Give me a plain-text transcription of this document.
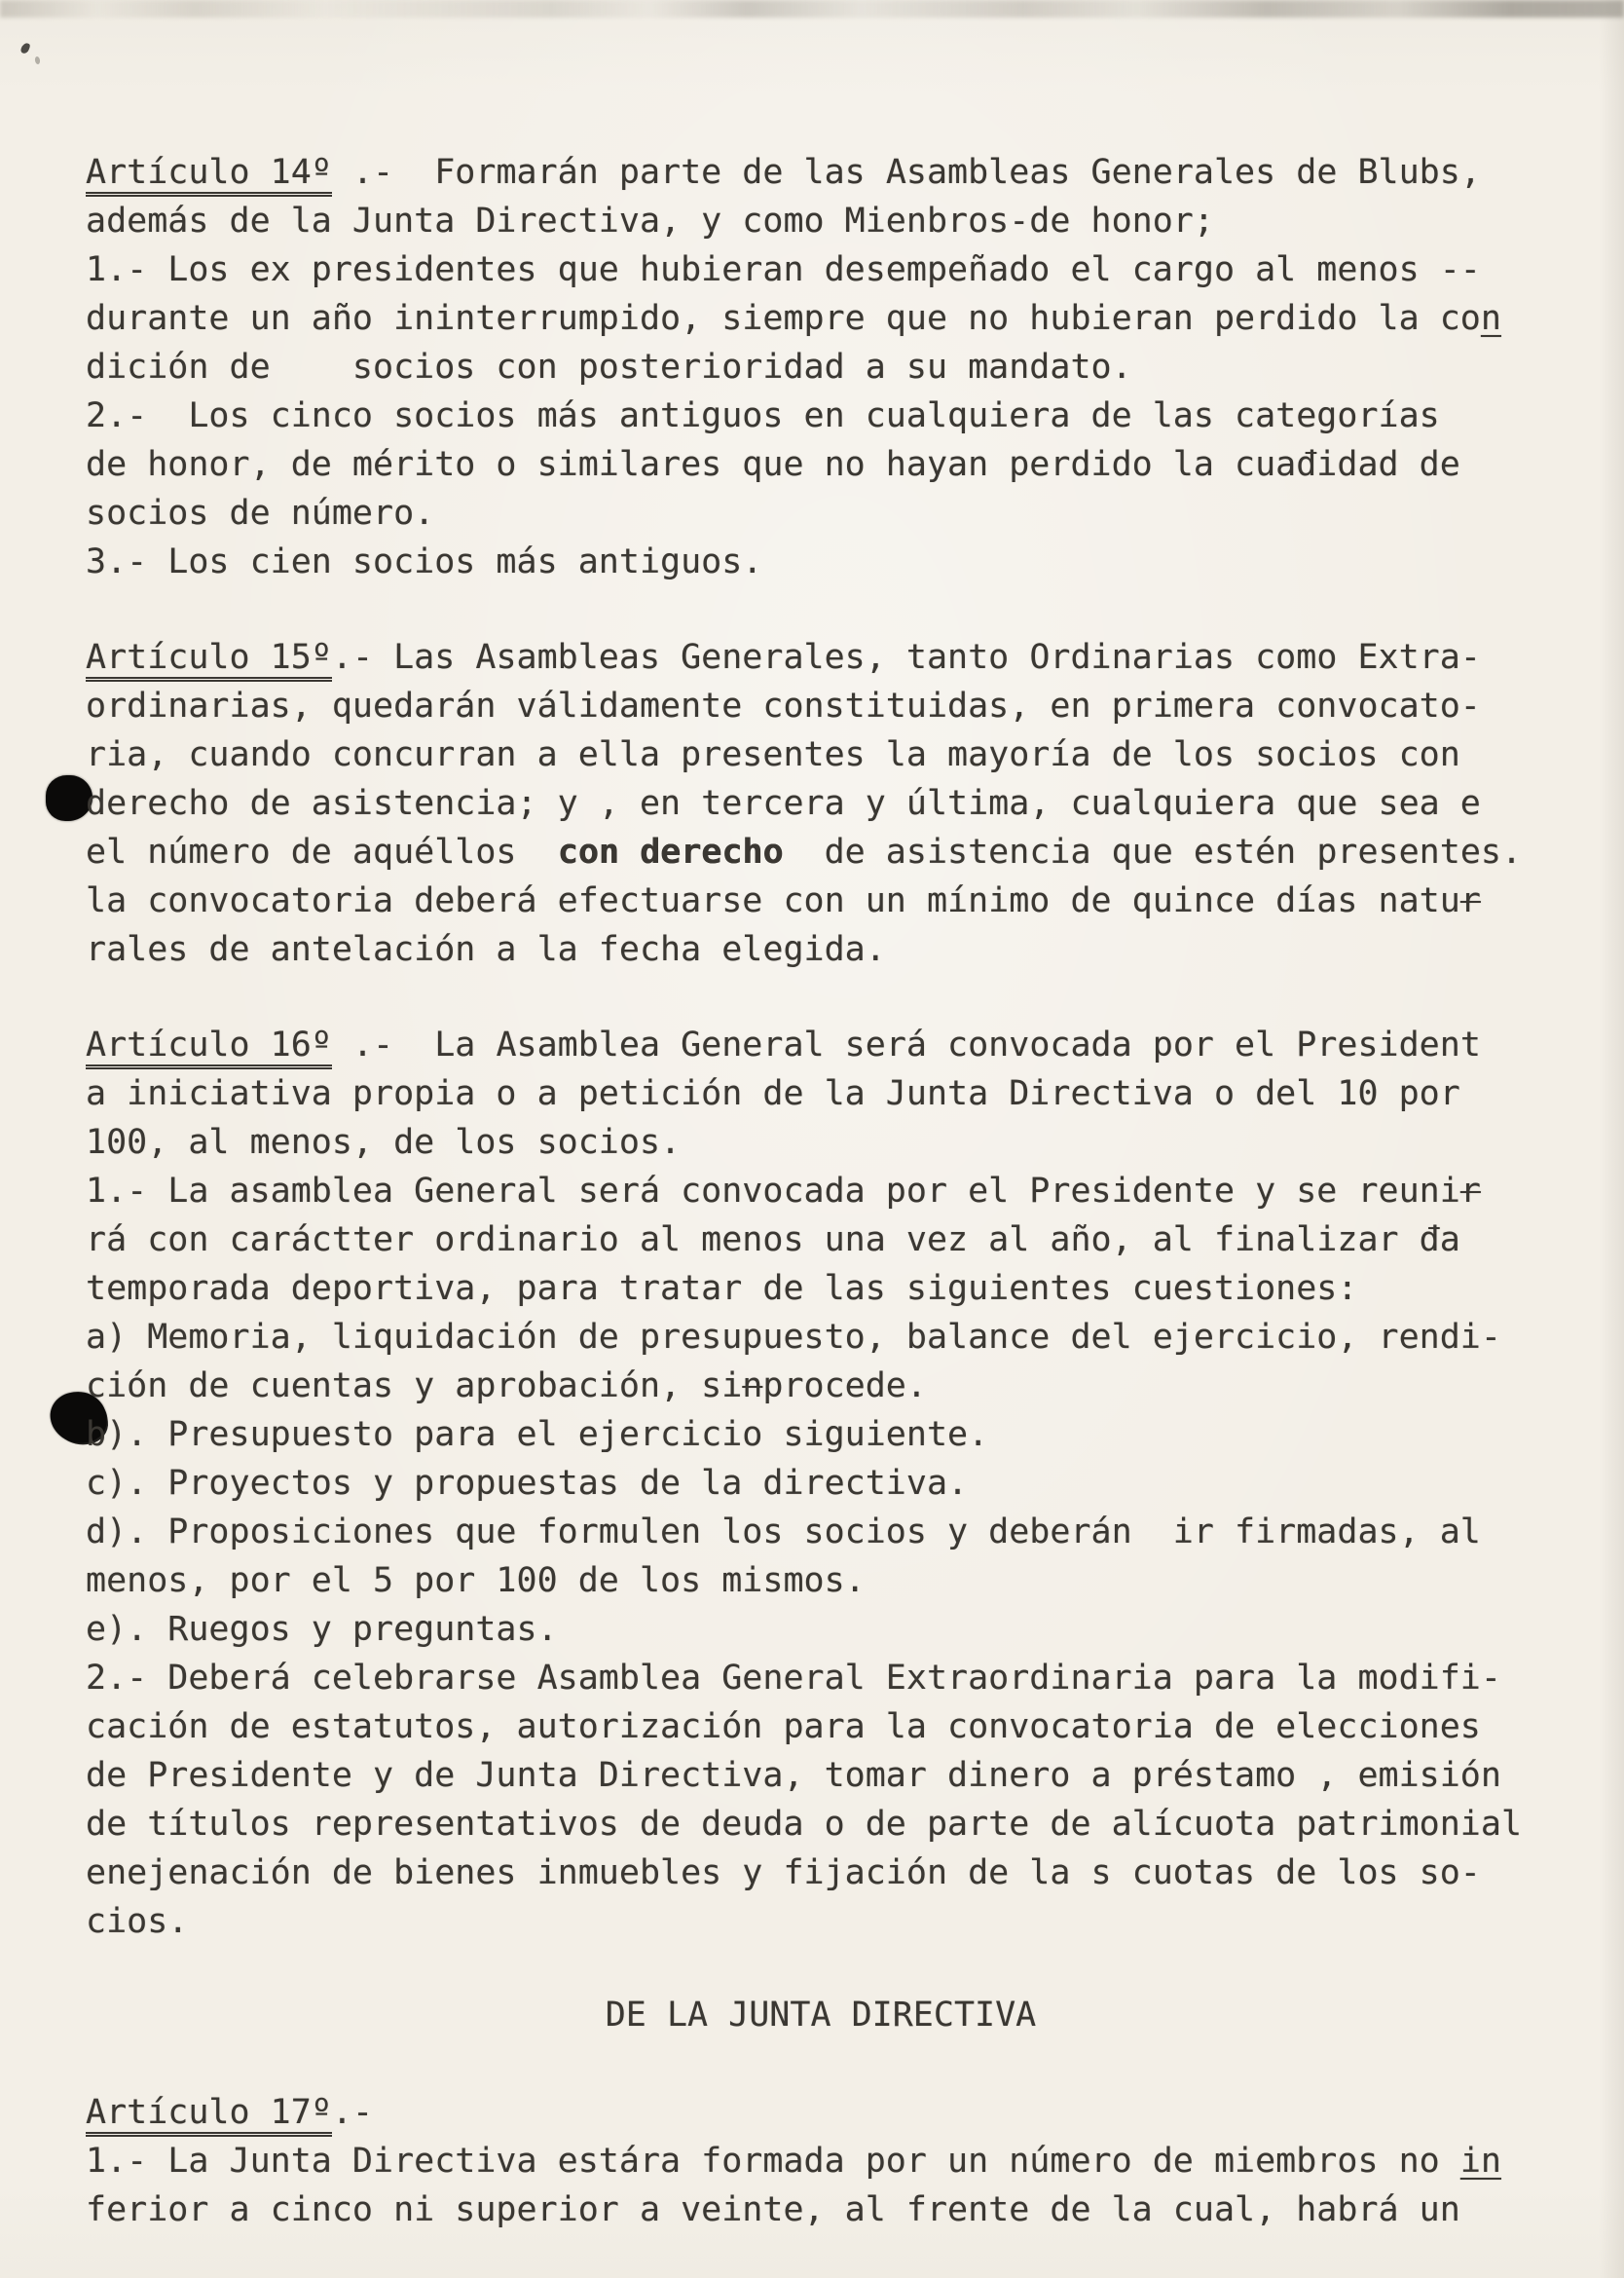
Artículo 14º .-  Formarán parte de las Asambleas Generales de Blubs,
además de la Junta Directiva, y como Mienbros-de honor;
1.- Los ex presidentes que hubieran desempeñado el cargo al menos --
durante un año ininterrumpido, siempre que no hubieran perdido la con
dición de    socios con posterioridad a su mandato.
2.-  Los cinco socios más antiguos en cualquiera de las categorías
de honor, de mérito o similares que no hayan perdido la cuađidad de
socios de número.
3.- Los cien socios más antiguos.
Artículo 15º.- Las Asambleas Generales, tanto Ordinarias como Extra-
ordinarias, quedarán válidamente constituidas, en primera convocato-
ria, cuando concurran a ella presentes la mayoría de los socios con
derecho de asistencia; y , en tercera y última, cualquiera que sea e
el número de aquéllos  con derecho  de asistencia que estén presentes.
la convocatoria deberá efectuarse con un mínimo de quince días natur
rales de antelación a la fecha elegida.
Artículo 16º .-  La Asamblea General será convocada por el President
a iniciativa propia o a petición de la Junta Directiva o del 10 por
100, al menos, de los socios.
1.- La asamblea General será convocada por el Presidente y se reunir
rá con caráctter ordinario al menos una vez al año, al finalizar đa
temporada deportiva, para tratar de las siguientes cuestiones:
a) Memoria, liquidación de presupuesto, balance del ejercicio, rendi-
ción de cuentas y aprobación, sinprocede.
b). Presupuesto para el ejercicio siguiente.
c). Proyectos y propuestas de la directiva.
d). Proposiciones que formulen los socios y deberán  ir firmadas, al
menos, por el 5 por 100 de los mismos.
e). Ruegos y preguntas.
2.- Deberá celebrarse Asamblea General Extraordinaria para la modifi-
cación de estatutos, autorización para la convocatoria de elecciones
de Presidente y de Junta Directiva, tomar dinero a préstamo , emisión
de títulos representativos de deuda o de parte de alícuota patrimonial
enejenación de bienes inmuebles y fijación de la s cuotas de los so-
cios.
DE LA JUNTA DIRECTIVA
Artículo 17º.-
1.- La Junta Directiva estára formada por un número de miembros no in
ferior a cinco ni superior a veinte, al frente de la cual, habrá un
